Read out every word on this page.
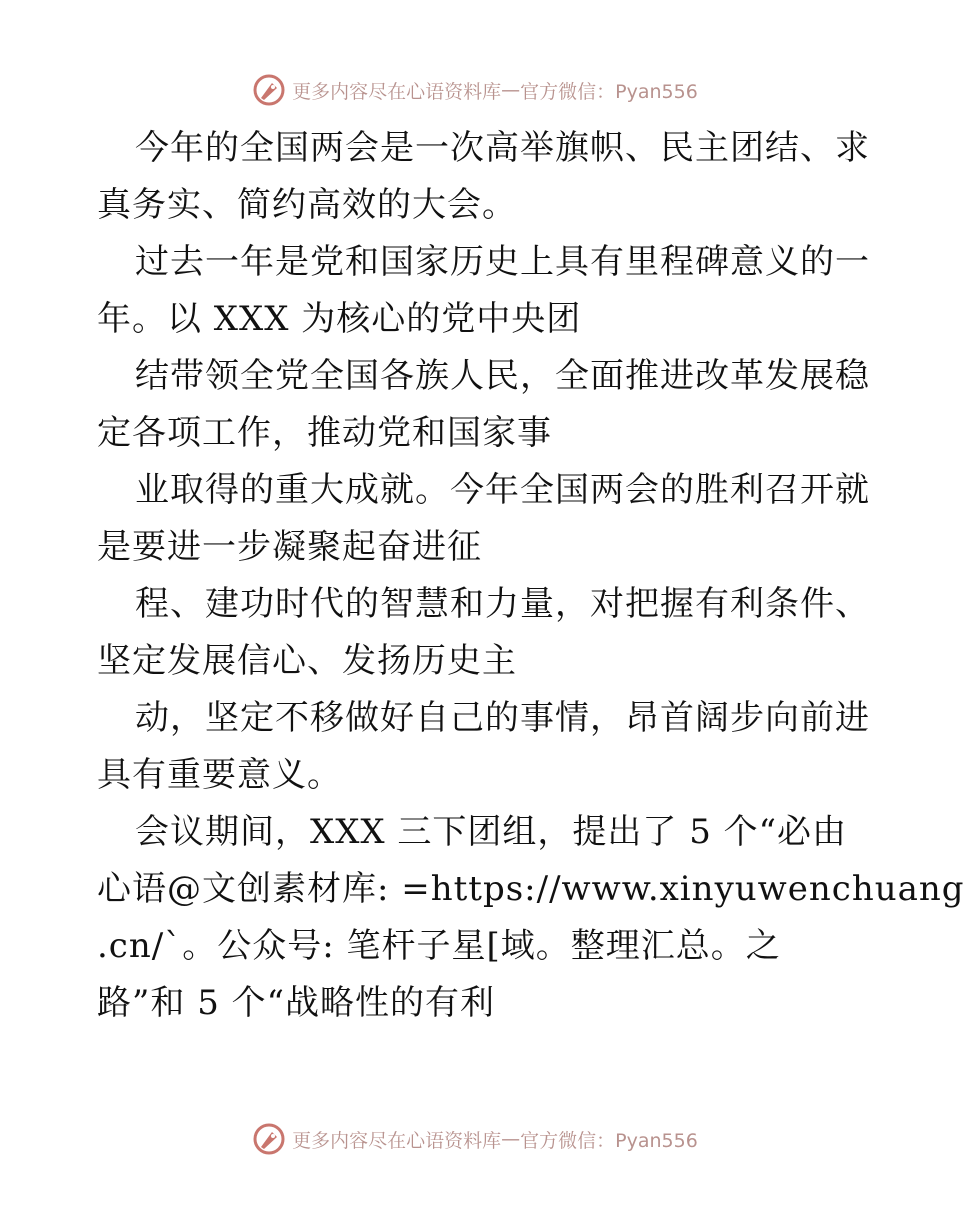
更多内容尽在心语资料库 — 官方微信：Pyan556
今年的全国两会是一次高举旗帜、民主团结、求
真务实、简约高效的大会。
过去一年是党和国家历史上具有里程碑意义的一
年。以 XXX 为核心的党中央团
结带领全党全国各族人民，全面推进改革发展稳
定各项工作，推动党和国家事
业取得的重大成就。今年全国两会的胜利召开就
是要进一步凝聚起奋进征
程、建功时代的智慧和力量，对把握有利条件、
坚定发展信心、发扬历史主
动，坚定不移做好自己的事情，昂首阔步向前进
具有重要意义。
会议期间，XXX 三下团组，提出了 5 个“必由
心语@文创素材库: =https://www.xinyuwenchuang
.cn/`。公众号: 笔杆子星[域。整理汇总。之
路”和 5 个“战略性的有利
更多内容尽在心语资料库 — 官方微信：Pyan556
